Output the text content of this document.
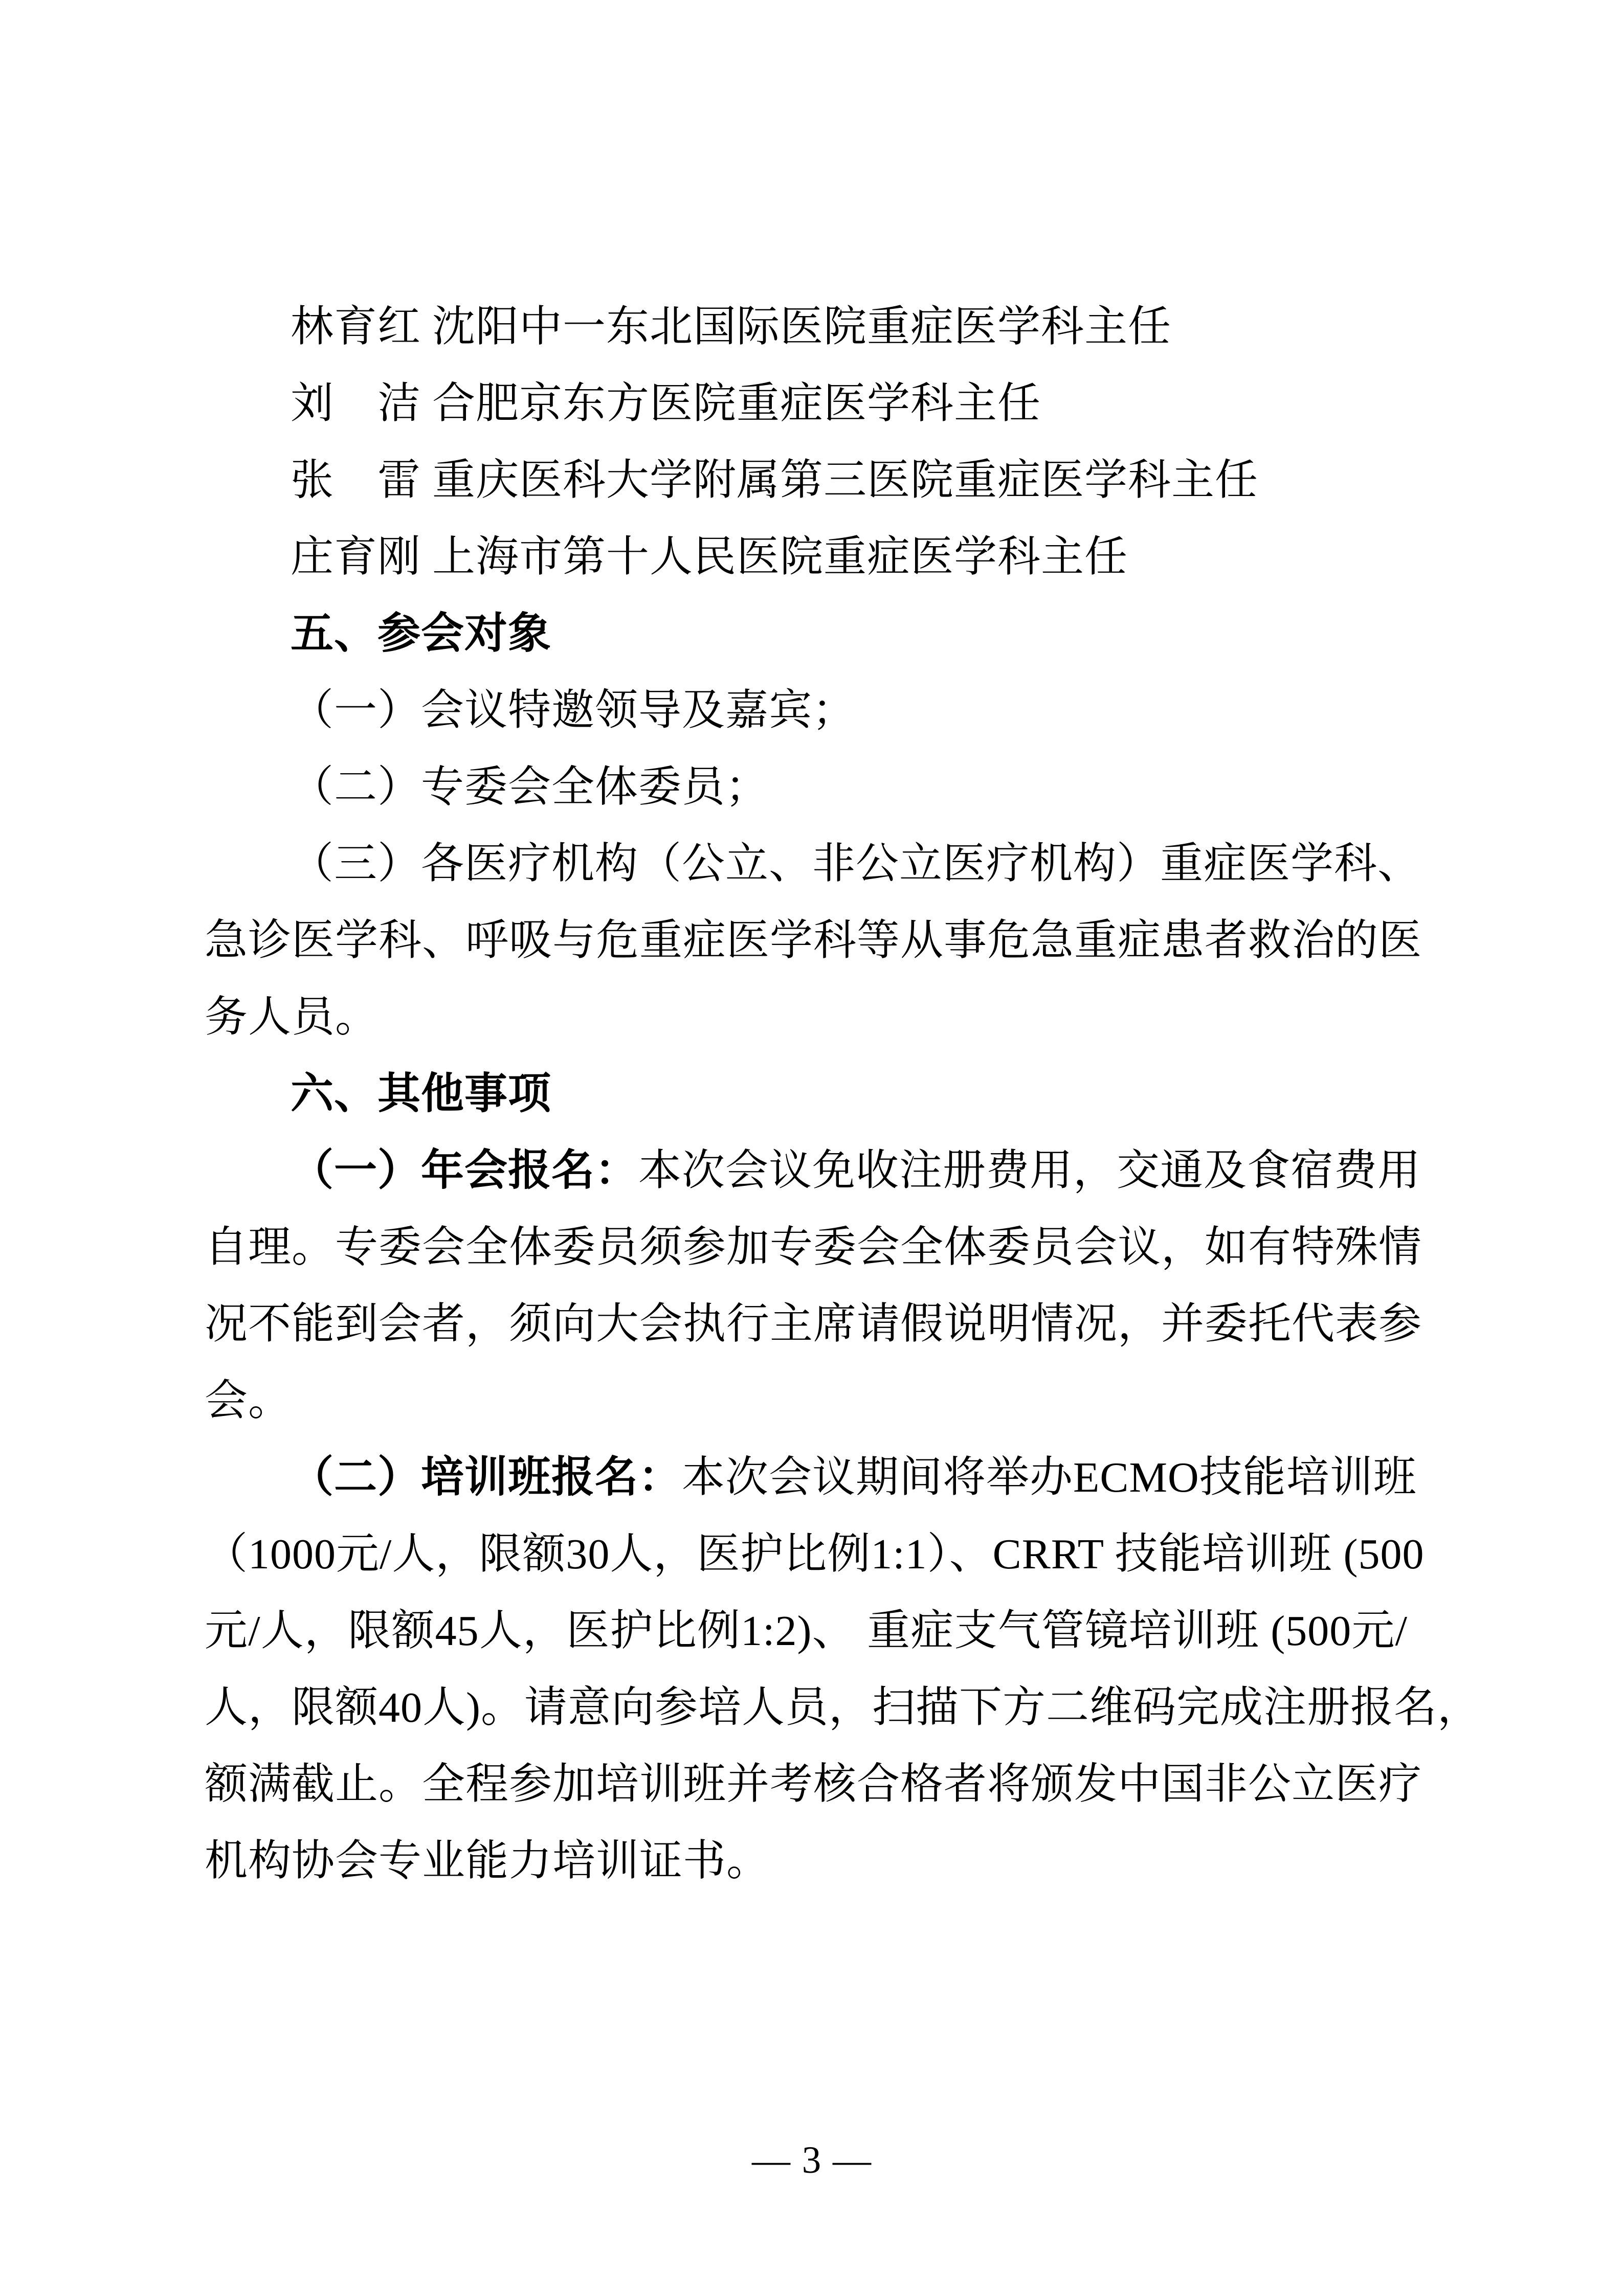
林育红 沈阳中一东北国际医院重症医学科主任
刘　洁 合肥京东方医院重症医学科主任
张　雷 重庆医科大学附属第三医院重症医学科主任
庄育刚 上海市第十人民医院重症医学科主任
五、参会对象
（一）会议特邀领导及嘉宾；
（二）专委会全体委员；
（三）各医疗机构（公立、非公立医疗机构）重症医学科、
急诊医学科、呼吸与危重症医学科等从事危急重症患者救治的医
务人员。
六、其他事项
（一）年会报名：本次会议免收注册费用，交通及食宿费用
自理。专委会全体委员须参加专委会全体委员会议，如有特殊情
况不能到会者，须向大会执行主席请假说明情况，并委托代表参
会。
（二）培训班报名：本次会议期间将举办ECMO技能培训班
（1000元/人，限额30人，医护比例1:1）、CRRT 技能培训班 (500
元/人，限额45人，医护比例1:2)、 重症支气管镜培训班 (500元/
人，限额40人)。请意向参培人员，扫描下方二维码完成注册报名，
额满截止。全程参加培训班并考核合格者将颁发中国非公立医疗
机构协会专业能力培训证书。
— 3 —
